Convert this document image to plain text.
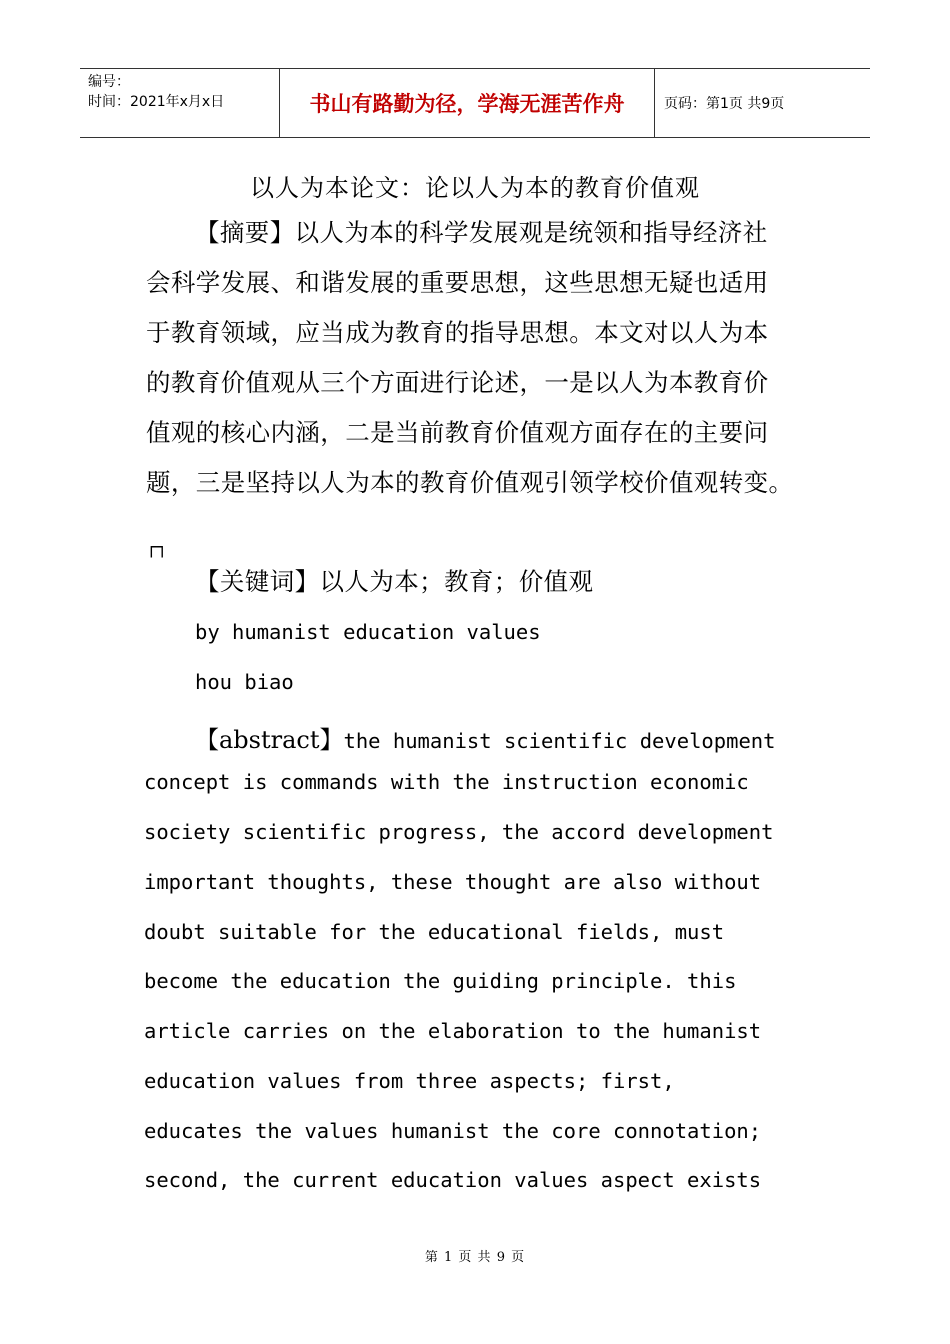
编号：
时间：2021年x月x日	书山有路勤为径，学海无涯苦作舟	页码：第1页 共9页
以人为本论文：论以人为本的教育价值观
【摘要】以人为本的科学发展观是统领和指导经济社
会科学发展、和谐发展的重要思想，这些思想无疑也适用
于教育领域，应当成为教育的指导思想。本文对以人为本
的教育价值观从三个方面进行论述，一是以人为本教育价
值观的核心内涵，二是当前教育价值观方面存在的主要问
题，三是坚持以人为本的教育价值观引领学校价值观转变。
┌┐
【关键词】以人为本；教育；价值观
by humanist education values
hou biao
【abstract】the humanist scientific development
concept is commands with the instruction economic
society scientific progress, the accord development
important thoughts, these thought are also without
doubt suitable for the educational fields, must
become the education the guiding principle. this
article carries on the elaboration to the humanist
education values from three aspects; first,
educates the values humanist the core connotation;
second, the current education values aspect exists
第 1 页 共 9 页
